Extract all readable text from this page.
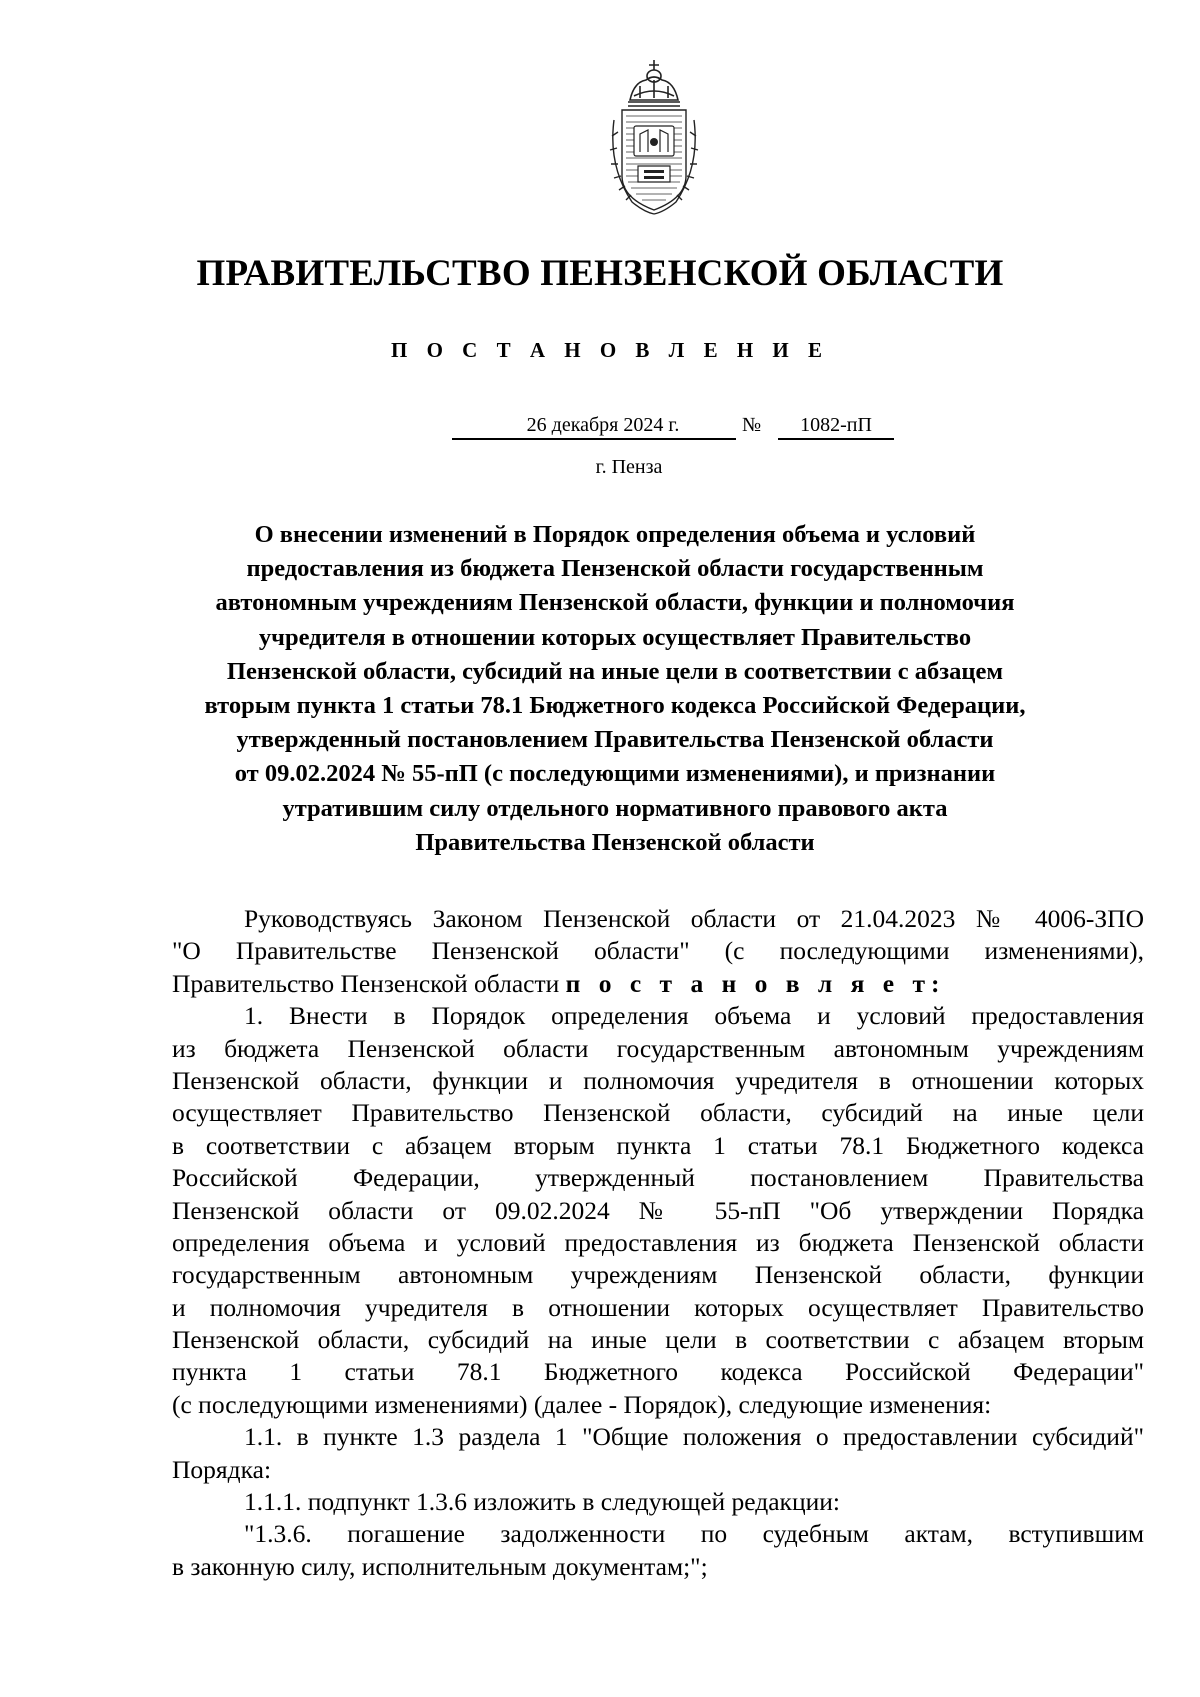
ПРАВИТЕЛЬСТВО ПЕНЗЕНСКОЙ ОБЛАСТИ
П О С Т А Н О В Л Е Н И Е
26 декабря 2024 г.	№	1082-пП
г. Пенза
О внесении изменений в Порядок определения объема и условий
предоставления из бюджета Пензенской области государственным
автономным учреждениям Пензенской области, функции и полномочия
учредителя в отношении которых осуществляет Правительство
Пензенской области, субсидий на иные цели в соответствии с абзацем
вторым пункта 1 статьи 78.1 Бюджетного кодекса Российской Федерации,
утвержденный постановлением Правительства Пензенской области
от 09.02.2024 № 55-пП (с последующими изменениями), и признании
утратившим силу отдельного нормативного правового акта
Правительства Пензенской области
Руководствуясь Законом Пензенской области от 21.04.2023 № 4006-ЗПО
"О Правительстве Пензенской области" (с последующими изменениями),
Правительство Пензенской области п о с т а н о в л я е т:
1. Внести в Порядок определения объема и условий предоставления
из бюджета Пензенской области государственным автономным учреждениям
Пензенской области, функции и полномочия учредителя в отношении которых
осуществляет Правительство Пензенской области, субсидий на иные цели
в соответствии с абзацем вторым пункта 1 статьи 78.1 Бюджетного кодекса
Российской Федерации, утвержденный постановлением Правительства
Пензенской области от 09.02.2024 № 55-пП "Об утверждении Порядка
определения объема и условий предоставления из бюджета Пензенской области
государственным автономным учреждениям Пензенской области, функции
и полномочия учредителя в отношении которых осуществляет Правительство
Пензенской области, субсидий на иные цели в соответствии с абзацем вторым
пункта 1 статьи 78.1 Бюджетного кодекса Российской Федерации"
(с последующими изменениями) (далее - Порядок), следующие изменения:
1.1. в пункте 1.3 раздела 1 "Общие положения о предоставлении субсидий"
Порядка:
1.1.1. подпункт 1.3.6 изложить в следующей редакции:
"1.3.6. погашение задолженности по судебным актам, вступившим
в законную силу, исполнительным документам;";
